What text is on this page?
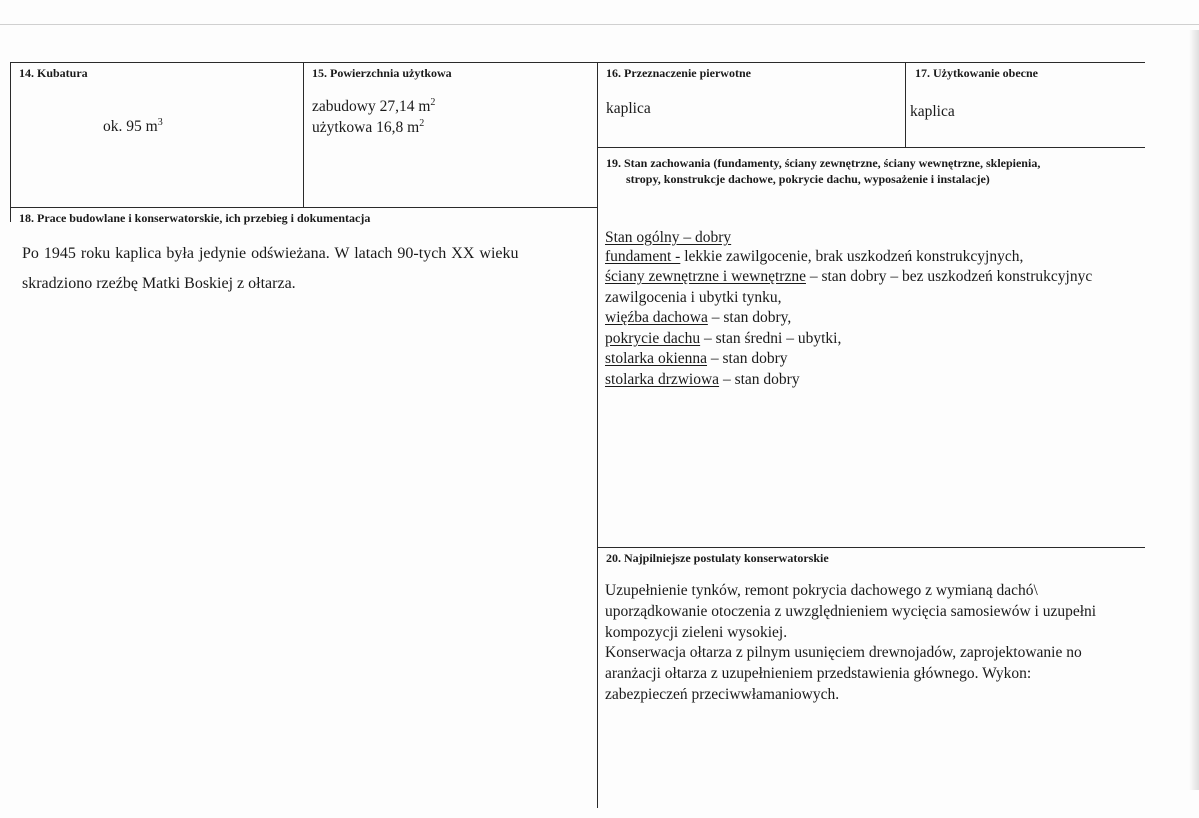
14. Kubatura
ok. 95 $m^3$
15. Powierzchnia użytkowa
zabudowy 27,14 $m^2$
użytkowa 16,8 $m^2$
16. Przeznaczenie pierwotne
kaplica
17. Użytkowanie obecne
kaplica
18. Prace budowlane i konserwatorskie, ich przebieg i dokumentacja
Po 1945 roku kaplica była jedynie odświeżana. W latach 90-tych XX wieku
skradziono rzeźbę Matki Boskiej z ołtarza.
19. Stan zachowania (fundamenty, ściany zewnętrzne, ściany wewnętrzne, sklepienia,
stropy, konstrukcje dachowe, pokrycie dachu, wyposażenie i instalacje)
Stan ogólny – dobry
fundament - lekkie zawilgocenie, brak uszkodzeń konstrukcyjnych,
ściany zewnętrzne i wewnętrzne – stan dobry – bez uszkodzeń konstrukcyjnyc
zawilgocenia i ubytki tynku,
więźba dachowa – stan dobry,
pokrycie dachu – stan średni – ubytki,
stolarka okienna – stan dobry
stolarka drzwiowa – stan dobry
20. Najpilniejsze postulaty konserwatorskie
Uzupełnienie tynków, remont pokrycia dachowego z wymianą dachó\
uporządkowanie otoczenia z uwzględnieniem wycięcia samosiewów i uzupełni
kompozycji zieleni wysokiej.
Konserwacja ołtarza z pilnym usunięciem drewnojadów, zaprojektowanie no
aranżacji ołtarza z uzupełnieniem przedstawienia głównego. Wykon:
zabezpieczeń przeciwwłamaniowych.
